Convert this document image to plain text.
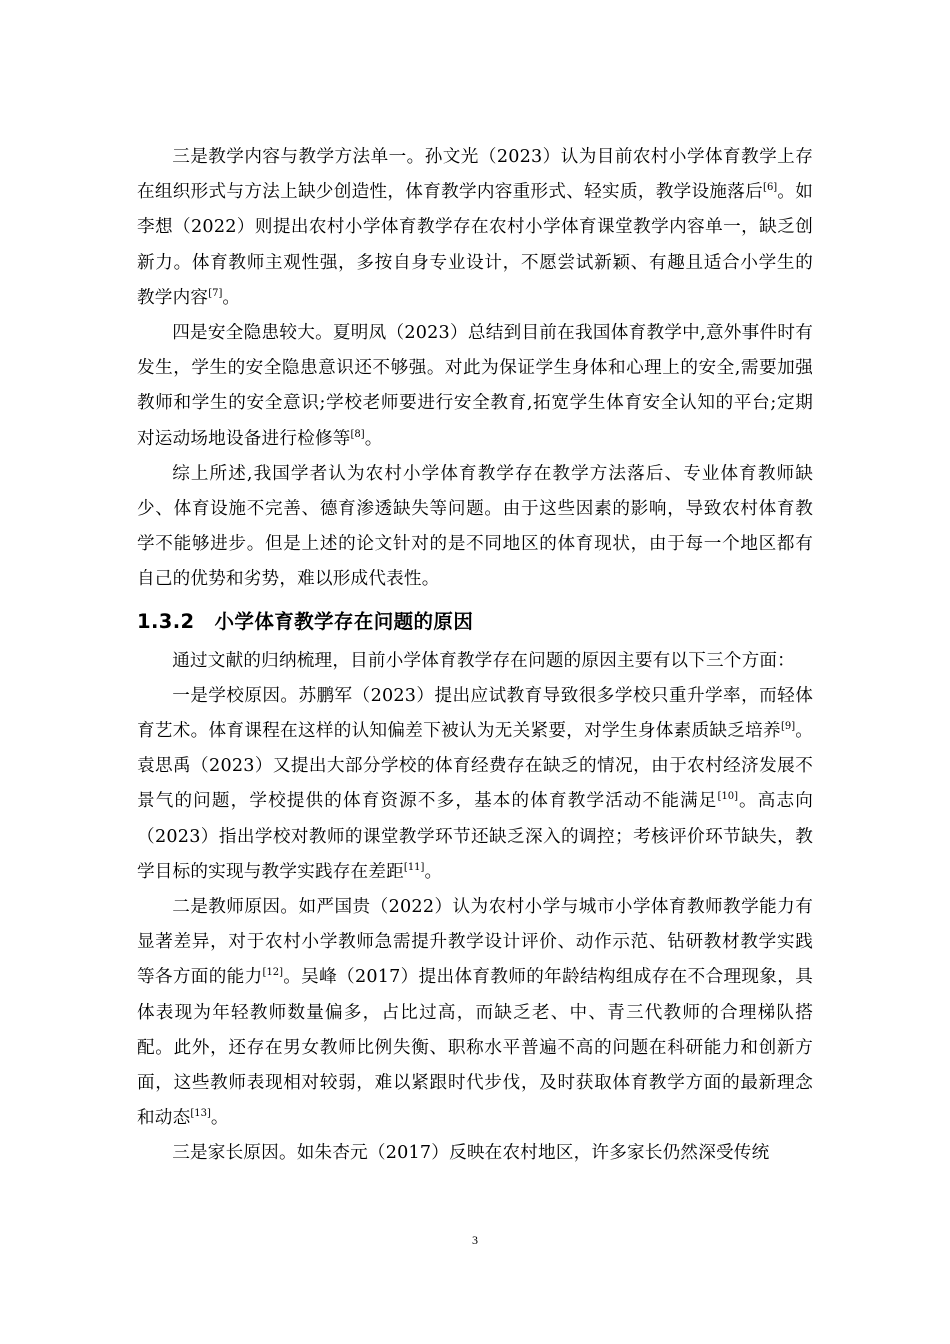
三是教学内容与教学方法单一。孙文光（2023）认为目前农村小学体育教学上存在组织形式与方法上缺少创造性，体育教学内容重形式、轻实质，教学设施落后[6]。如李想（2022）则提出农村小学体育教学存在农村小学体育课堂教学内容单一，缺乏创新力。体育教师主观性强，多按自身专业设计，不愿尝试新颖、有趣且适合小学生的教学内容[7]。

四是安全隐患较大。夏明凤（2023）总结到目前在我国体育教学中,意外事件时有发生，学生的安全隐患意识还不够强。对此为保证学生身体和心理上的安全,需要加强教师和学生的安全意识;学校老师要进行安全教育,拓宽学生体育安全认知的平台;定期对运动场地设备进行检修等[8]。

综上所述,我国学者认为农村小学体育教学存在教学方法落后、专业体育教师缺少、体育设施不完善、德育渗透缺失等问题。由于这些因素的影响，导致农村体育教学不能够进步。但是上述的论文针对的是不同地区的体育现状，由于每一个地区都有自己的优势和劣势，难以形成代表性。

1.3.2 小学体育教学存在问题的原因

通过文献的归纳梳理，目前小学体育教学存在问题的原因主要有以下三个方面：

一是学校原因。苏鹏军（2023）提出应试教育导致很多学校只重升学率，而轻体育艺术。体育课程在这样的认知偏差下被认为无关紧要，对学生身体素质缺乏培养[9]。袁思禹（2023）又提出大部分学校的体育经费存在缺乏的情况，由于农村经济发展不景气的问题，学校提供的体育资源不多，基本的体育教学活动不能满足[10]。高志向（2023）指出学校对教师的课堂教学环节还缺乏深入的调控；考核评价环节缺失，教学目标的实现与教学实践存在差距[11]。

二是教师原因。如严国贵（2022）认为农村小学与城市小学体育教师教学能力有显著差异，对于农村小学教师急需提升教学设计评价、动作示范、钻研教材教学实践等各方面的能力[12]。吴峰（2017）提出体育教师的年龄结构组成存在不合理现象，具体表现为年轻教师数量偏多，占比过高，而缺乏老、中、青三代教师的合理梯队搭配。此外，还存在男女教师比例失衡、职称水平普遍不高的问题在科研能力和创新方面，这些教师表现相对较弱，难以紧跟时代步伐，及时获取体育教学方面的最新理念和动态[13]。

三是家长原因。如朱杏元（2017）反映在农村地区，许多家长仍然深受传统

3
